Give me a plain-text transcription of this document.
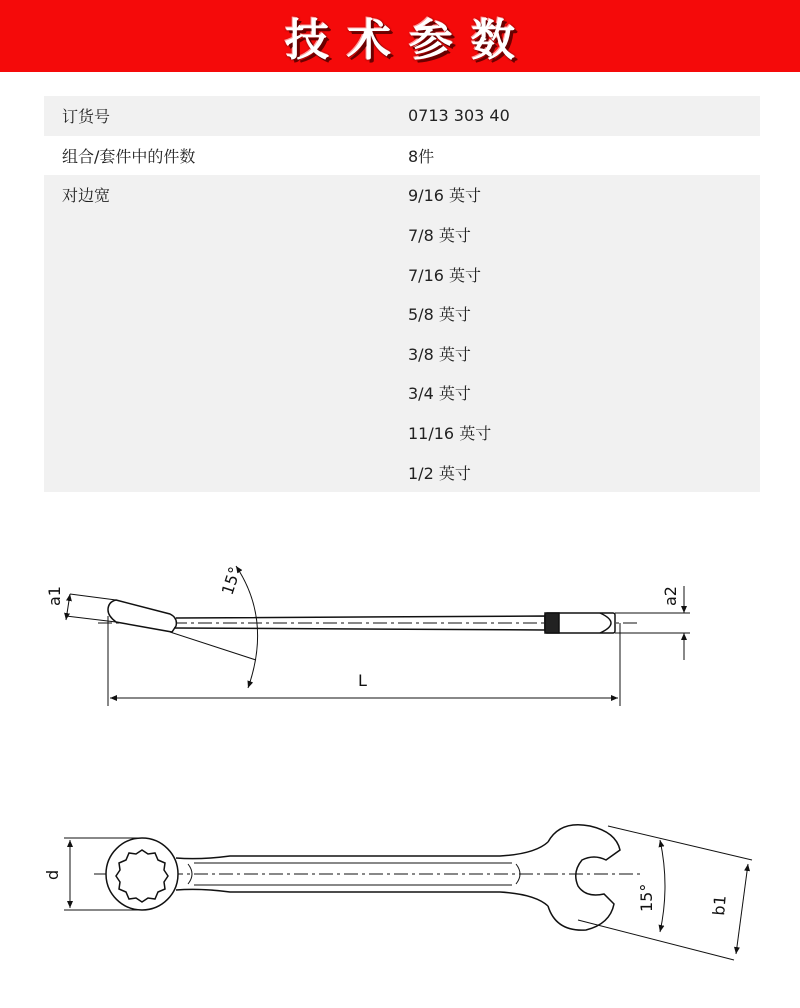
技术参数
订货号	0713 303 40
组合/套件中的件数	8件
对边宽	9/16 英寸
7/8 英寸
7/16 英寸
5/8 英寸
3/8 英寸
3/4 英寸
11/16 英寸
1/2 英寸
a1	15°	a2
L
d
15°	b1
